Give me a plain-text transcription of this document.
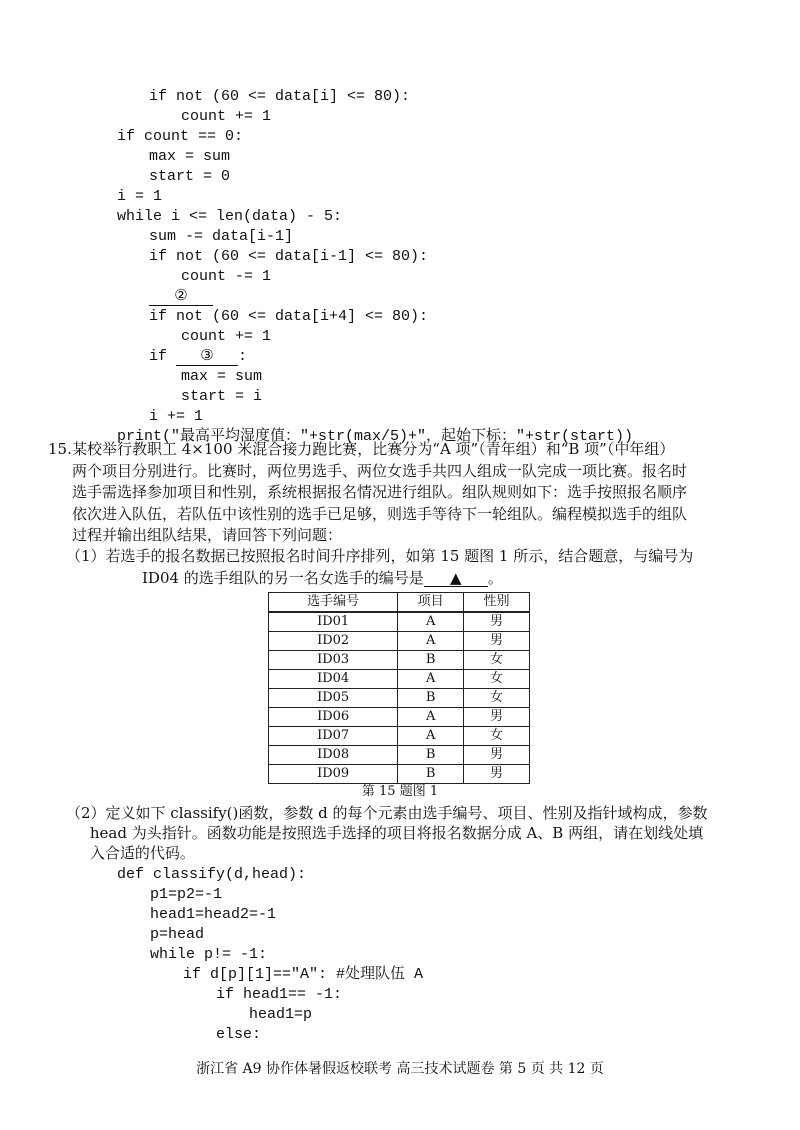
if not (60 <= data[i] <= 80):
count += 1
if count == 0:
max = sum
start = 0
i = 1
while i <= len(data) - 5:
sum -= data[i-1]
if not (60 <= data[i-1] <= 80):
count -= 1
②
if not (60 <= data[i+4] <= 80):
count += 1
if ③ :
max = sum
start = i
i += 1
print("最高平均湿度值："+str(max/5)+"，起始下标："+str(start))
15. 某校举行教职工 4×100 米混合接力跑比赛，比赛分为“A 项”（青年组）和“B 项”（中年组）
两个项目分别进行。比赛时，两位男选手、两位女选手共四人组成一队完成一项比赛。报名时
选手需选择参加项目和性别，系统根据报名情况进行组队。组队规则如下：选手按照报名顺序
依次进入队伍，若队伍中该性别的选手已足够，则选手等待下一轮组队。编程模拟选手的组队
过程并输出组队结果，请回答下列问题：
（1）若选手的报名数据已按照报名时间升序排列，如第 15 题图 1 所示，结合题意，与编号为
ID04 的选手组队的另一名女选手的编号是 ▲ 。
选手编号	项目	性别
ID01	A	男
ID02	A	男
ID03	B	女
ID04	A	女
ID05	B	女
ID06	A	男
ID07	A	女
ID08	B	男
ID09	B	男
第 15 题图 1
（2）定义如下 classify()函数，参数 d 的每个元素由选手编号、项目、性别及指针域构成，参数
head 为头指针。函数功能是按照选手选择的项目将报名数据分成 A、B 两组，请在划线处填
入合适的代码。
def classify(d,head):
p1=p2=-1
head1=head2=-1
p=head
while p!= -1:
if d[p][1]=="A": #处理队伍 A
if head1== -1:
head1=p
else:
浙江省 A9 协作体暑假返校联考 高三技术试题卷 第 5 页 共 12 页
